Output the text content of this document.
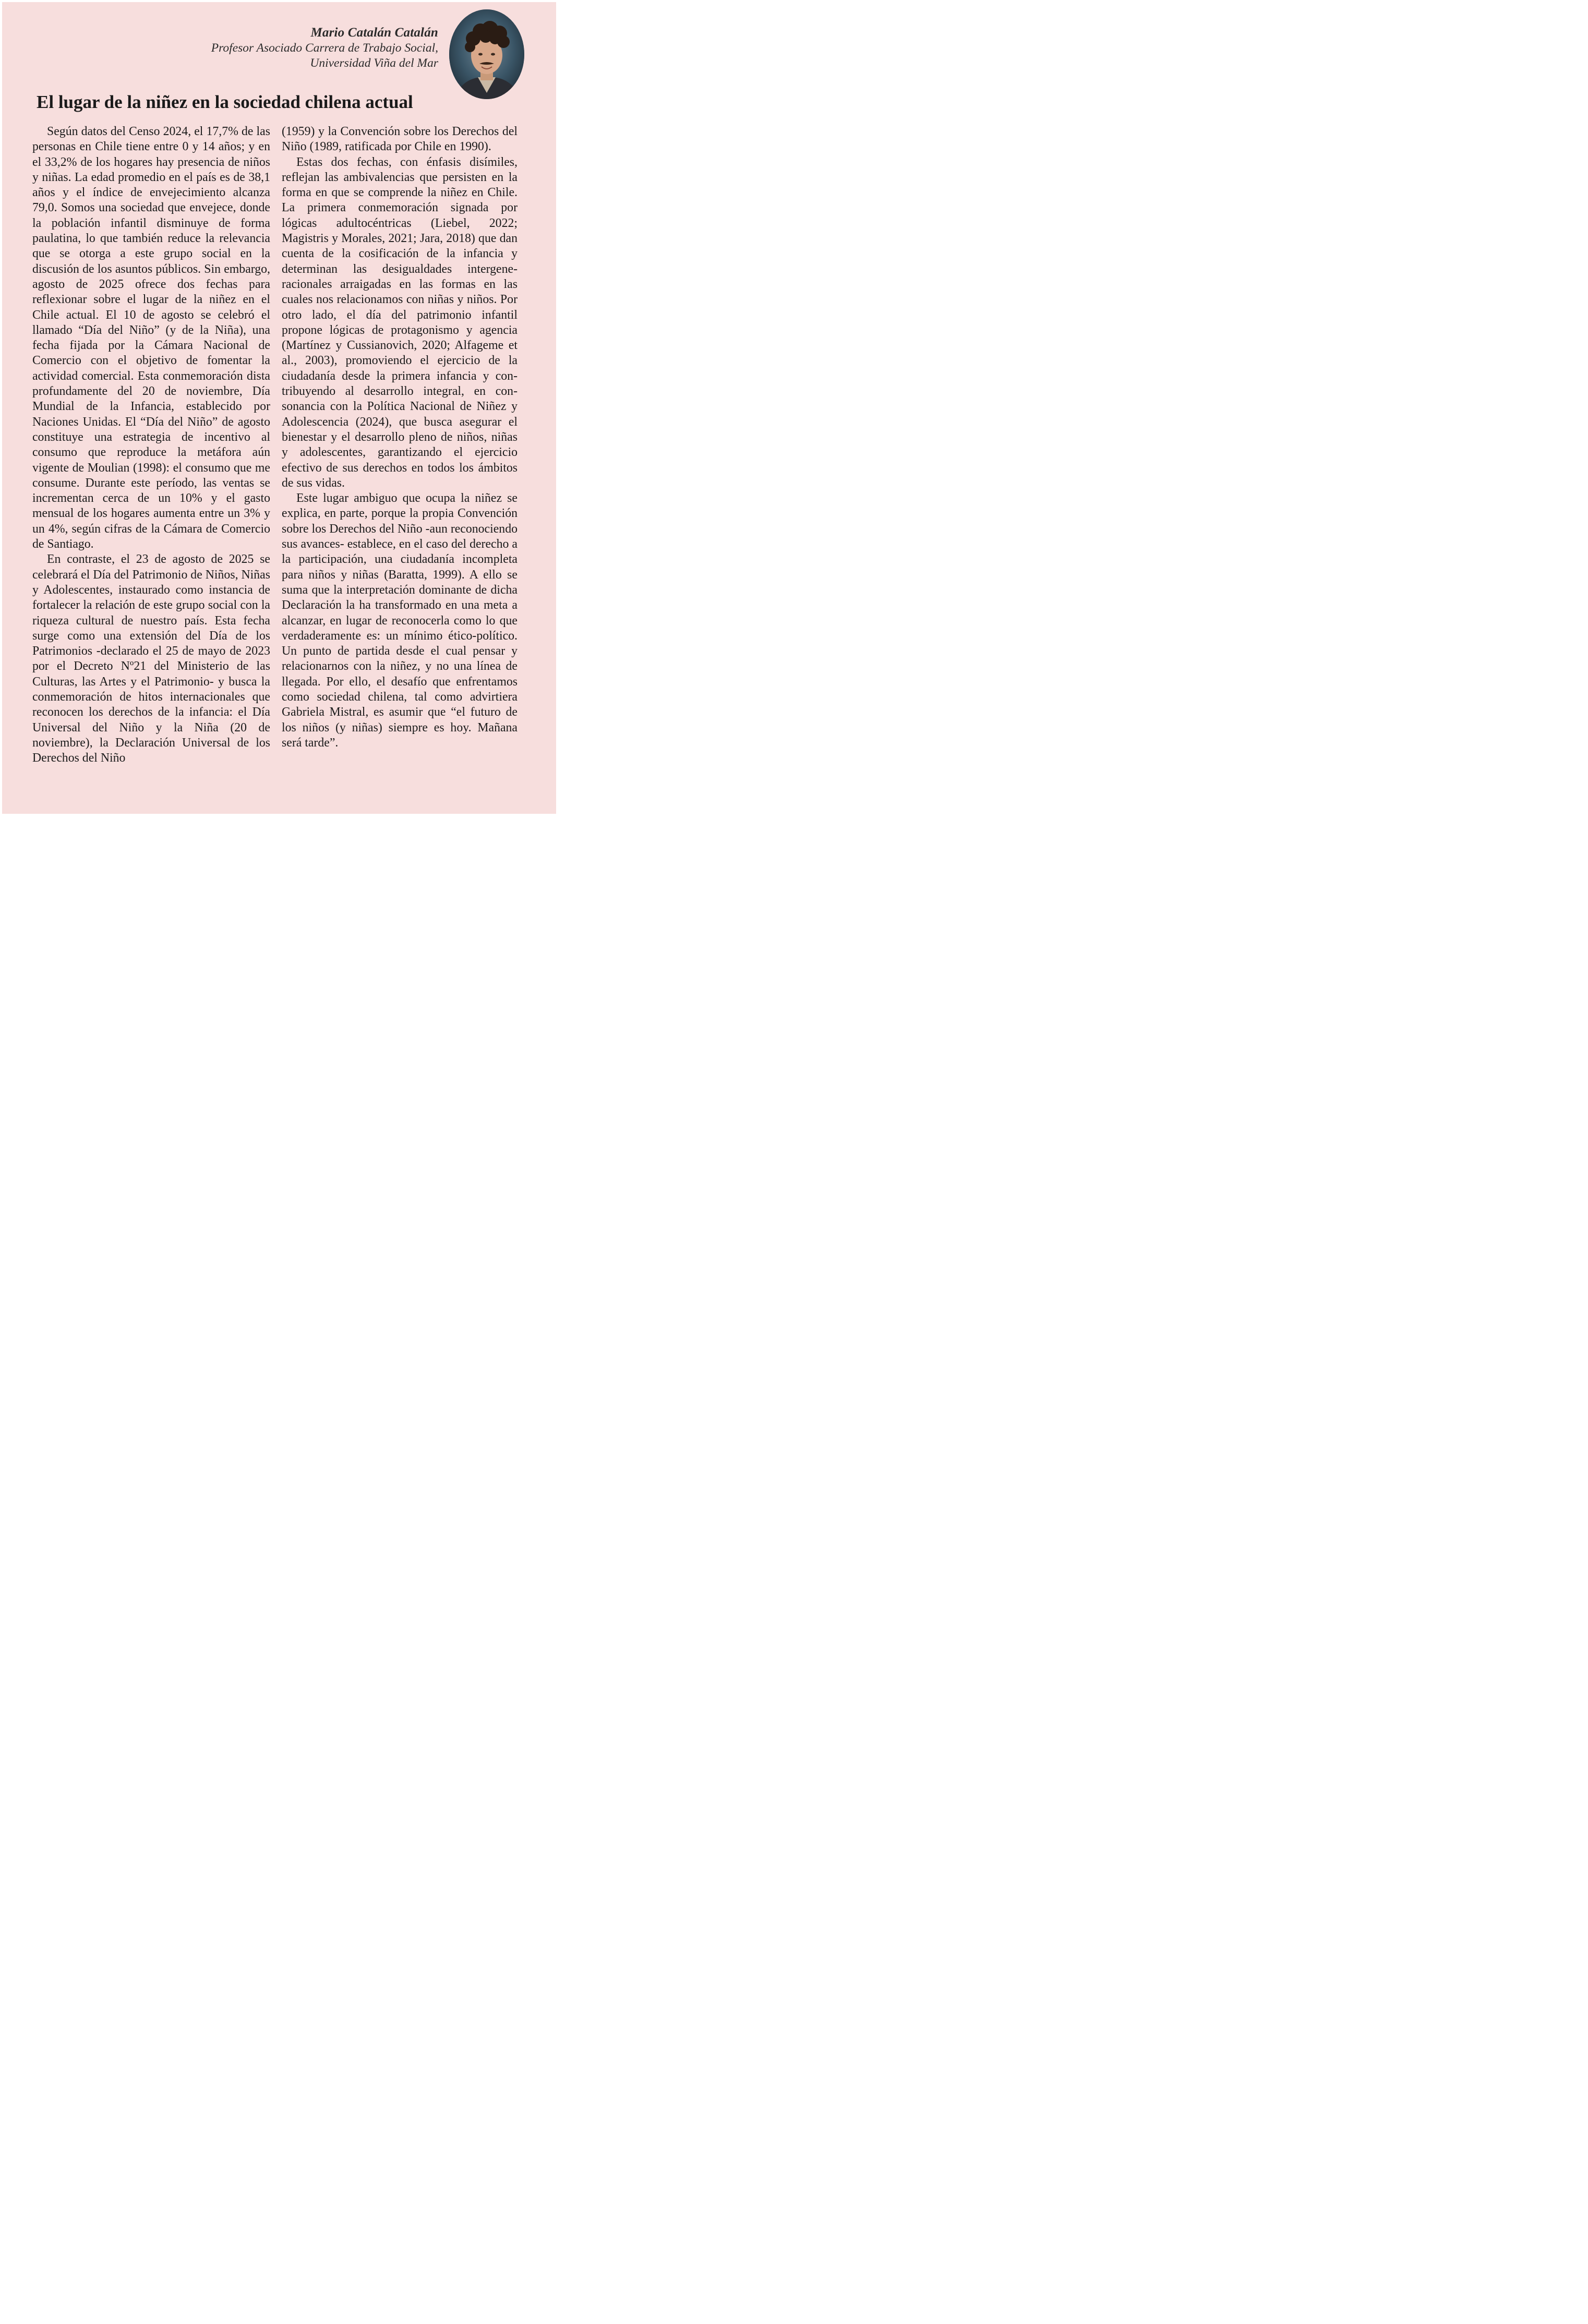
Mario Catalán Catalán
Profesor Asociado Carrera de Trabajo Social,
Universidad Viña del Mar
El lugar de la niñez en la sociedad chilena actual

Según datos del Censo 2024, el 17,7% de las personas en Chile tiene entre 0 y 14 años; y en el 33,2% de los hogares hay presencia de niños y niñas. La edad promedio en el país es de 38,1 años y el índice de envejecimiento alcanza 79,0. Somos una sociedad que envejece, donde la población infantil disminuye de forma paulatina, lo que también reduce la relevancia que se otorga a este grupo social en la discusión de los asuntos públicos. Sin embargo, agosto de 2025 ofrece dos fechas para reflexionar sobre el lugar de la niñez en el Chile actual. El 10 de agosto se celebró el llamado “Día del Niño” (y de la Niña), una fecha fijada por la Cámara Nacional de Comercio con el objetivo de fomentar la actividad comercial. Esta conmemoración dista profundamente del 20 de noviembre, Día Mundial de la Infancia, establecido por Naciones Unidas. El “Día del Niño” de agosto constituye una estrategia de incentivo al consumo que reproduce la metáfora aún vigente de Moulian (1998): el consumo que me consume. Durante este período, las ventas se incrementan cerca de un 10% y el gasto mensual de los hogares aumenta entre un 3% y un 4%, según cifras de la Cámara de Comercio de Santiago.

En contraste, el 23 de agosto de 2025 se celebrará el Día del Patrimonio de Niños, Niñas y Adolescentes, instaurado como instancia de fortalecer la relación de este grupo social con la riqueza cultural de nuestro país. Esta fecha surge como una extensión del Día de los Patrimonios -declarado el 25 de mayo de 2023 por el Decreto Nº21 del Ministerio de las Culturas, las Artes y el Patrimonio- y busca la conmemoración de hitos internacionales que reconocen los derechos de la infancia: el Día Universal del Niño y la Niña (20 de noviembre), la Declaración Universal de los Derechos del Niño

(1959) y la Convención sobre los Derechos del Niño (1989, ratificada por Chile en 1990).

Estas dos fechas, con énfasis disímiles, reflejan las ambivalencias que persisten en la forma en que se comprende la niñez en Chile. La primera conmemoración signada por lógicas adultocéntricas (Liebel, 2022; Magistris y Morales, 2021; Jara, 2018) que dan cuenta de la cosificación de la infancia y determinan las desigualdades intergeneracionales arraigadas en las formas en las cuales nos relacionamos con niñas y niños. Por otro lado, el día del patrimonio infantil propone lógicas de protagonismo y agencia (Martínez y Cussianovich, 2020; Alfageme et al., 2003), promoviendo el ejercicio de la ciudadanía desde la primera infancia y contribuyendo al desarrollo integral, en consonancia con la Política Nacional de Niñez y Adolescencia (2024), que busca asegurar el bienestar y el desarrollo pleno de niños, niñas y adolescentes, garantizando el ejercicio efectivo de sus derechos en todos los ámbitos de sus vidas.

Este lugar ambiguo que ocupa la niñez se explica, en parte, porque la propia Convención sobre los Derechos del Niño -aun reconociendo sus avances- establece, en el caso del derecho a la participación, una ciudadanía incompleta para niños y niñas (Baratta, 1999). A ello se suma que la interpretación dominante de dicha Declaración la ha transformado en una meta a alcanzar, en lugar de reconocerla como lo que verdaderamente es: un mínimo ético-político. Un punto de partida desde el cual pensar y relacionarnos con la niñez, y no una línea de llegada. Por ello, el desafío que enfrentamos como sociedad chilena, tal como advirtiera Gabriela Mistral, es asumir que “el futuro de los niños (y niñas) siempre es hoy. Mañana será tarde”.
